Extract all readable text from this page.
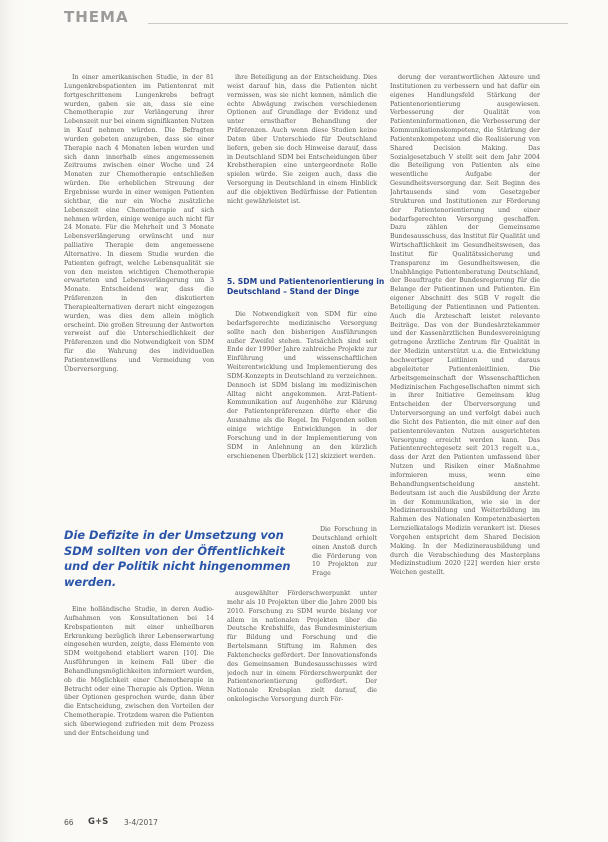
THEMA

In einer amerikanischen Studie, in der 81 Lungenkrebspatienten im Patientenrat mit fortgeschrittenem Lungenkrebs befragt wurden, gaben sie an, dass sie eine Chemotherapie zur Verlängerung ihrer Lebenszeit nur bei einem signifikanten Nutzen in Kauf nehmen würden. Die Befragten wurden gebeten anzugeben, dass sie einer Therapie nach 4 Monaten leben wurden und sich dann innerhalb eines angemessenen Zeitraums zwischen einer Woche und 24 Monaten zur Chemotherapie entschließen würden. Die erheblichen Streuung der Ergebnisse wurde in einer wenigen Patienten sichtbar, die nur ein Woche zusätzliche Lebenszeit eine Chemotherapie auf sich nehmen würden, einige wenige auch nicht für 24 Monate. Für die Mehrheit und 3 Monate Lebensverlängerung erwünscht und nur palliative Therapie dem angemessene Alternative. In diesem Studie wurden die Patienten gefragt, welche Lebensqualität sie von den meisten wichtigen Chemotherapie erwarteten und Lebensverlängerung um 3 Monate. Entscheidend war, dass die Präferenzen in den diskutierten Therapiealternativen derart nicht eingezogen wurden, was dies dem allein möglich erscheint. Die großen Streuung der Antworten verweist auf die Unterschiedlichkeit der Präferenzen und die Notwendigkeit von SDM für die Wahrung des individuellen Patientenwillens und Vermeidung von Überversorgung.

Die Defizite in der Umsetzung von SDM sollten von der Öffentlichkeit und der Politik nicht hingenommen werden.

Eine holländische Studie, in deren Audio-Aufnahmen von Konsultationen bei 14 Krebspatienten mit einer unheilbaren Erkrankung bezüglich ihrer Lebenserwartung eingesehen wurden, zeigte, dass Elemente von SDM weitgehend etabliert waren [10]. Die Ausführungen in keinem Fall über die Behandlungsmöglichkeiten informiert wurden, ob die Möglichkeit einer Chemotherapie in Betracht oder eine Therapie als Option. Wenn über Optionen gesprochen wurde, dann über die Entscheidung, zwischen den Vorteilen der Chemotherapie. Trotzdem waren die Patienten sich überwiegend zufrieden mit dem Prozess und der Entscheidung und

ihre Beteiligung an der Entscheidung. Dies weist darauf hin, dass die Patienten nicht vermissen, was sie nicht kennen, nämlich die echte Abwägung zwischen verschiedenen Optionen auf Grundlage der Evidenz und unter ernsthafter Behandlung der Präferenzen. Auch wenn diese Studien keine Daten über Unterschiede für Deutschland liefern, geben sie doch Hinweise darauf, dass in Deutschland SDM bei Entscheidungen über Krebstherapien eine untergeordnete Rolle spielen würde. Sie zeigen auch, dass die Versorgung in Deutschland in einem Hinblick auf die objektiven Bedürfnisse der Patienten nicht gewährleistet ist.

5. SDM und Patientenorientierung in Deutschland – Stand der Dinge

Die Notwendigkeit von SDM für eine bedarfsgerechte medizinische Versorgung sollte nach den bisherigen Ausführungen außer Zweifel stehen. Tatsächlich sind seit Ende der 1990er Jahre zahlreiche Projekte zur Einführung und wissenschaftlichen Weiterentwicklung und Implementierung des SDM-Konzepts in Deutschland zu verzeichnen. Dennoch ist SDM bislang im medizinischen Alltag nicht angekommen. Arzt-Patient-Kommunikation auf Augenhöhe zur Klärung der Patientenpräferenzen dürfte eher die Ausnahme als die Regel. Im Folgenden sollen einige wichtige Entwicklungen in der Forschung und in der Implementierung von SDM in Anlehnung an den kürzlich erschienenen Überblick [12] skizziert werden.

Die Forschung in Deutschland erhielt einen Anstoß durch die Förderung von 10 Projekten zur Frage

ausgewählter Förderschwerpunkt unter mehr als 10 Projekten über die Jahre 2000 bis 2010. Forschung zu SDM wurde bislang vor allem in nationalen Projekten über die Deutsche Krebshilfe, das Bundesministerium für Bildung und Forschung und die Bertelsmann Stiftung im Rahmen des Faktenchecks gefördert. Der Innovationsfonds des Gemeinsamen Bundesausschusses wird jedoch nur in einem Förderschwerpunkt der Patientenorientierung gefördert. Der Nationale Krebsplan zielt darauf, die onkologische Versorgung durch För-

derung der verantwortlichen Akteure und Institutionen zu verbessern und hat dafür ein eigenes Handlungsfeld Stärkung der Patientenorientierung ausgewiesen. Verbesserung der Qualität von Patienteninformationen, die Verbesserung der Kommunikationskompetenz, die Stärkung der Patientenkompetenz und die Realisierung von Shared Decision Making. Das Sozialgesetzbuch V stellt seit dem Jahr 2004 die Beteiligung von Patienten als eine wesentliche Aufgabe der Gesundheitsversorgung dar. Seit Beginn des Jahrtausends sind vom Gesetzgeber Strukturen und Institutionen zur Förderung der Patientenorientierung und einer bedarfsgerechten Versorgung geschaffen. Dazu zählen der Gemeinsame Bundesausschuss, das Institut für Qualität und Wirtschaftlichkeit im Gesundheitswesen, das Institut für Qualitätssicherung und Transparenz im Gesundheitswesen, die Unabhängige Patientenberatung Deutschland, der Beauftragte der Bundesregierung für die Belange der Patientinnen und Patienten. Ein eigener Abschnitt des SGB V regelt die Beteiligung der Patientinnen und Patienten. Auch die Ärzteschaft leistet relevante Beiträge. Das von der Bundesärztekammer und der Kassenärztlichen Bundesvereinigung getragene Ärztliche Zentrum für Qualität in der Medizin unterstützt u.a. die Entwicklung hochwertiger Leitlinien und daraus abgeleiteter Patientenleitlinien. Die Arbeitsgemeinschaft der Wissenschaftlichen Medizinischen Fachgesellschaften nimmt sich in ihrer Initiative Gemeinsam klug Entscheiden der Überversorgung und Unterversorgung an und verfolgt dabei auch die Sicht des Patienten, die mit einer auf den patientenrelevanten Nutzen ausgerichteten Versorgung erreicht werden kann. Das Patientenrechtegesetz seit 2013 regelt u.a., dass der Arzt den Patienten umfassend über Nutzen und Risiken einer Maßnahme informieren muss, wenn eine Behandlungsentscheidung ansteht. Bedeutsam ist auch die Ausbildung der Ärzte in der Kommunikation, wie sie in der Medizinerausbildung und Weiterbildung im Rahmen des Nationalen Kompetenzbasierten Lernzielkatalogs Medizin verankert ist. Dieses Vorgehen entspricht dem Shared Decision Making. In der Medizinerausbildung und durch die Verabschiedung des Masterplans Medizinstudium 2020 [22] werden hier erste Weichen gestellt.

66 G+S 3-4/2017
